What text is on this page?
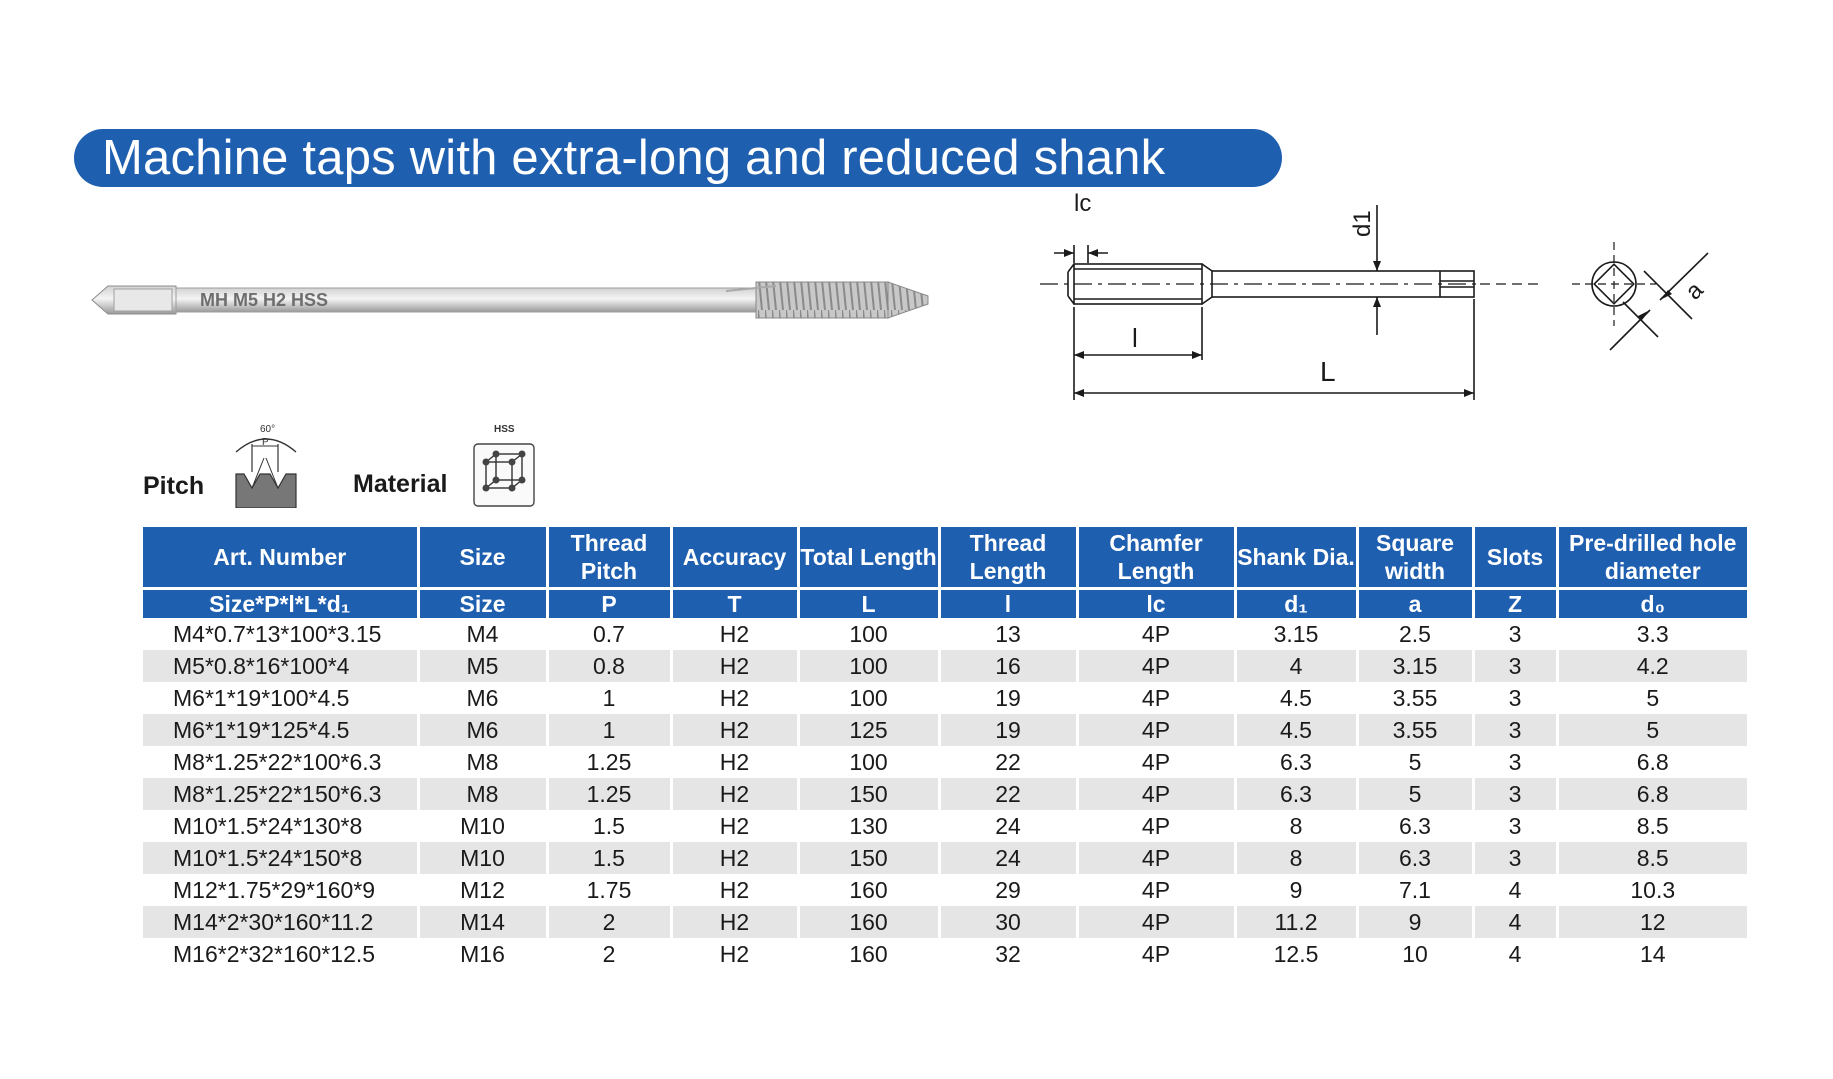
Machine taps with extra-long and reduced shank
MH M5 H2 HSS
lc
d1
l
L
a
Pitch
60°
P
Material
HSS
Art. Number	Size	Thread Pitch	Accuracy	Total Length	Thread Length	Chamfer Length	Shank Dia.	Square width	Slots	Pre-drilled hole diameter
Size*P*l*L*d₁	Size	P	T	L	l	lc	d₁	a	Z	d₀
M4*0.7*13*100*3.15	M4	0.7	H2	100	13	4P	3.15	2.5	3	3.3
M5*0.8*16*100*4	M5	0.8	H2	100	16	4P	4	3.15	3	4.2
M6*1*19*100*4.5	M6	1	H2	100	19	4P	4.5	3.55	3	5
M6*1*19*125*4.5	M6	1	H2	125	19	4P	4.5	3.55	3	5
M8*1.25*22*100*6.3	M8	1.25	H2	100	22	4P	6.3	5	3	6.8
M8*1.25*22*150*6.3	M8	1.25	H2	150	22	4P	6.3	5	3	6.8
M10*1.5*24*130*8	M10	1.5	H2	130	24	4P	8	6.3	3	8.5
M10*1.5*24*150*8	M10	1.5	H2	150	24	4P	8	6.3	3	8.5
M12*1.75*29*160*9	M12	1.75	H2	160	29	4P	9	7.1	4	10.3
M14*2*30*160*11.2	M14	2	H2	160	30	4P	11.2	9	4	12
M16*2*32*160*12.5	M16	2	H2	160	32	4P	12.5	10	4	14
